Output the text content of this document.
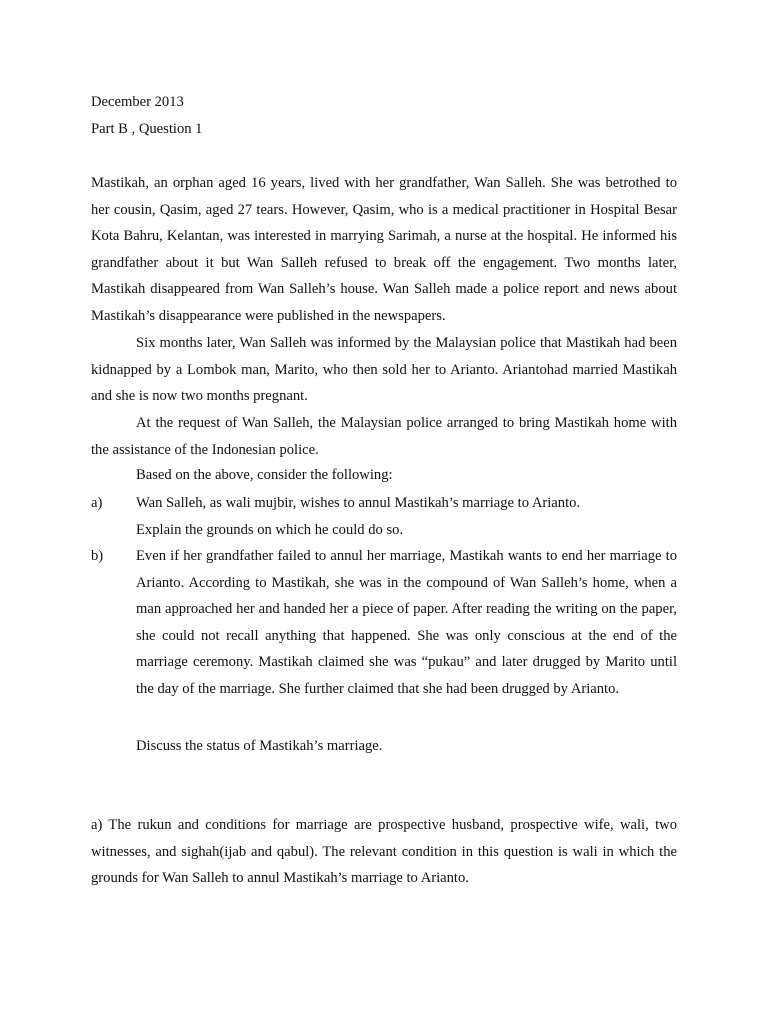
December 2013

Part B , Question 1

Mastikah, an orphan aged 16 years, lived with her grandfather, Wan Salleh. She was betrothed to her cousin, Qasim, aged 27 tears. However, Qasim, who is a medical practitioner in Hospital Besar Kota Bahru, Kelantan, was interested in marrying Sarimah, a nurse at the hospital. He informed his grandfather about it but Wan Salleh refused to break off the engagement. Two months later, Mastikah disappeared from Wan Salleh’s house. Wan Salleh made a police report and news about Mastikah’s disappearance were published in the newspapers.

Six months later, Wan Salleh was informed by the Malaysian police that Mastikah had been kidnapped by a Lombok man, Marito, who then sold her to Arianto. Ariantohad married Mastikah and she is now two months pregnant.

At the request of Wan Salleh, the Malaysian police arranged to bring Mastikah home with the assistance of the Indonesian police.

Based on the above, consider the following:

a) Wan Salleh, as wali mujbir, wishes to annul Mastikah’s marriage to Arianto.

Explain the grounds on which he could do so.

b) Even if her grandfather failed to annul her marriage, Mastikah wants to end her marriage to Arianto. According to Mastikah, she was in the compound of Wan Salleh’s home, when a man approached her and handed her a piece of paper. After reading the writing on the paper, she could not recall anything that happened. She was only conscious at the end of the marriage ceremony. Mastikah claimed she was “pukau” and later drugged by Marito until the day of the marriage. She further claimed that she had been drugged by Arianto.

Discuss the status of Mastikah’s marriage.

a) The rukun and conditions for marriage are prospective husband, prospective wife, wali, two witnesses, and sighah(ijab and qabul). The relevant condition in this question is wali in which the grounds for Wan Salleh to annul Mastikah’s marriage to Arianto.
